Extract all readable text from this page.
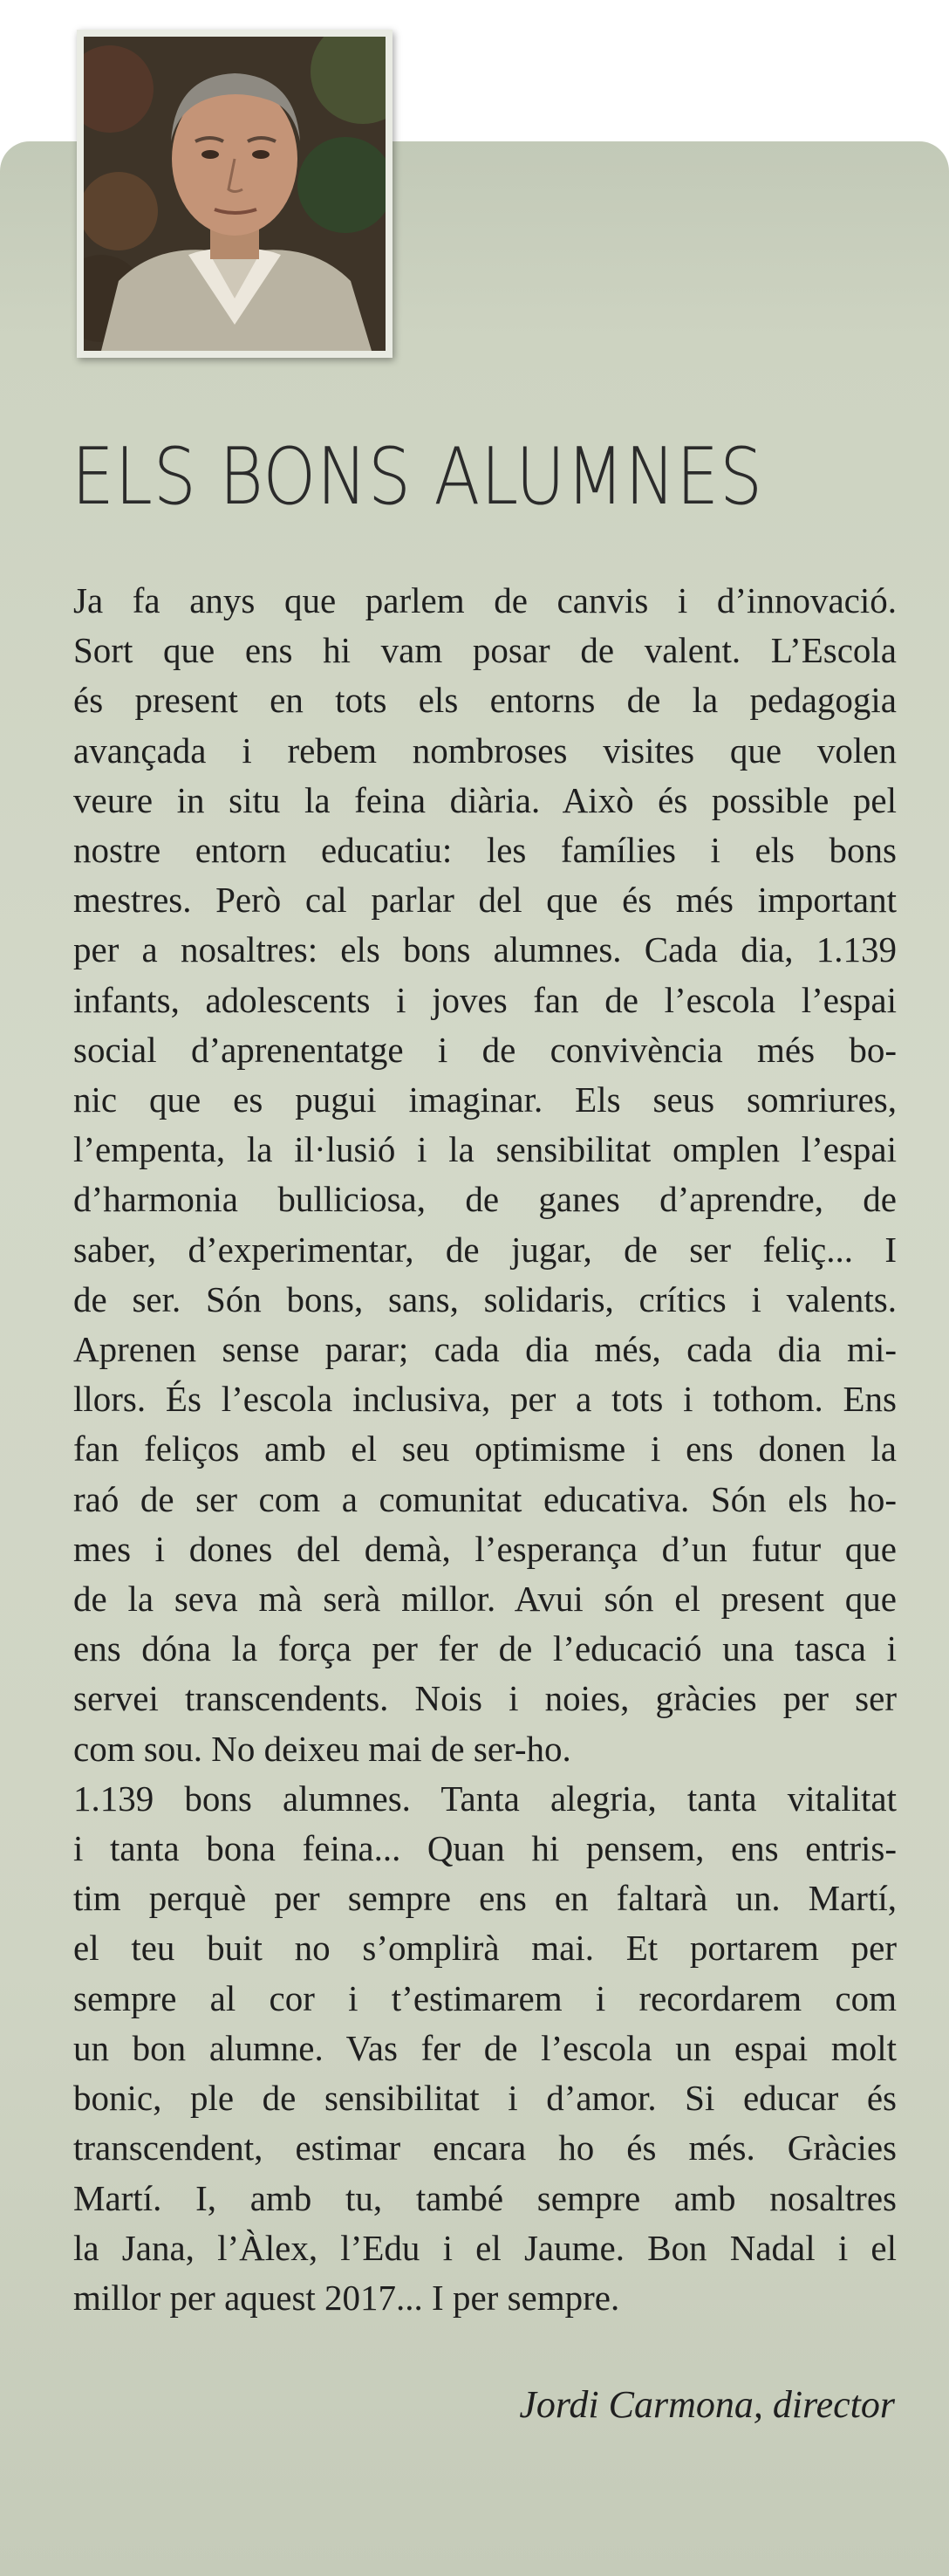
ELS BONS ALUMNES
Ja fa anys que parlem de canvis i d’innovació.
Sort que ens hi vam posar de valent. L’Escola
és present en tots els entorns de la pedagogia
avançada i rebem nombroses visites que volen
veure in situ la feina diària. Això és possible pel
nostre entorn educatiu: les famílies i els bons
mestres. Però cal parlar del que és més important
per a nosaltres: els bons alumnes. Cada dia, 1.139
infants, adolescents i joves fan de l’escola l’espai
social d’aprenentatge i de convivència més bo-
nic que es pugui imaginar. Els seus somriures,
l’empenta, la il·lusió i la sensibilitat omplen l’espai
d’harmonia bulliciosa, de ganes d’aprendre, de
saber, d’experimentar, de jugar, de ser feliç... I
de ser. Són bons, sans, solidaris, crítics i valents.
Aprenen sense parar; cada dia més, cada dia mi-
llors. És l’escola inclusiva, per a tots i tothom. Ens
fan feliços amb el seu optimisme i ens donen la
raó de ser com a comunitat educativa. Són els ho-
mes i dones del demà, l’esperança d’un futur que
de la seva mà serà millor. Avui són el present que
ens dóna la força per fer de l’educació una tasca i
servei transcendents. Nois i noies, gràcies per ser
com sou. No deixeu mai de ser-ho.
1.139 bons alumnes. Tanta alegria, tanta vitalitat
i tanta bona feina... Quan hi pensem, ens entris-
tim perquè per sempre ens en faltarà un. Martí,
el teu buit no s’omplirà mai. Et portarem per
sempre al cor i t’estimarem i recordarem com
un bon alumne. Vas fer de l’escola un espai molt
bonic, ple de sensibilitat i d’amor. Si educar és
transcendent, estimar encara ho és més. Gràcies
Martí. I, amb tu, també sempre amb nosaltres
la Jana, l’Àlex, l’Edu i el Jaume. Bon Nadal i el
millor per aquest 2017... I per sempre.
Jordi Carmona, director
